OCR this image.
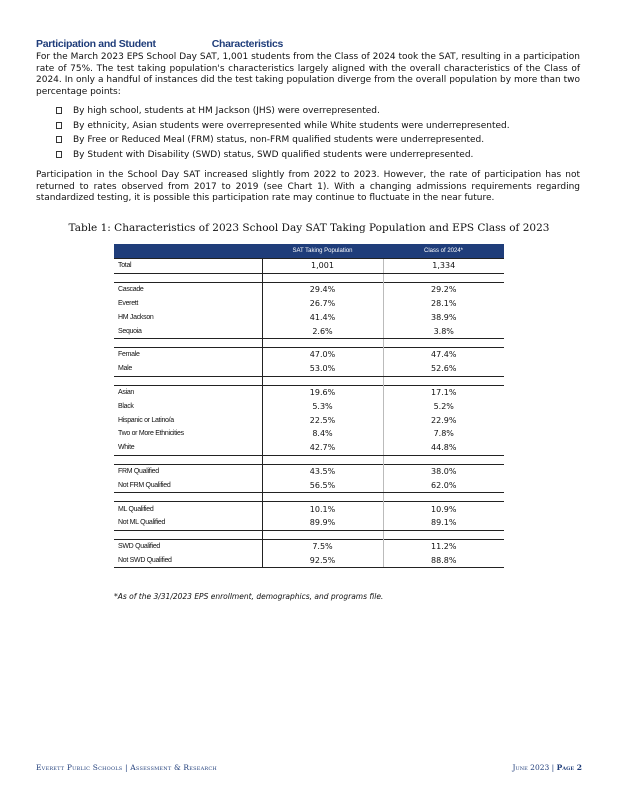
Participation and Student	Characteristics

For the March 2023 EPS School Day SAT, 1,001 students from the Class of 2024 took the SAT, resulting in a participation rate of 75%. The test taking population's characteristics largely aligned with the overall characteristics of the Class of 2024. In only a handful of instances did the test taking population diverge from the overall population by more than two percentage points:

By high school, students at HM Jackson (JHS) were overrepresented.
By ethnicity, Asian students were overrepresented while White students were underrepresented.
By Free or Reduced Meal (FRM) status, non-FRM qualified students were underrepresented.
By Student with Disability (SWD) status, SWD qualified students were underrepresented.

Participation in the School Day SAT increased slightly from 2022 to 2023. However, the rate of participation has not returned to rates observed from 2017 to 2019 (see Chart 1). With a changing admissions requirements regarding standardized testing, it is possible this participation rate may continue to fluctuate in the near future.

Table 1: Characteristics of 2023 School Day SAT Taking Population and EPS Class of 2023
	SAT Taking Population	Class of 2024*
Total	1,001	1,334

Cascade	29.4%	29.2%
Everett	26.7%	28.1%
HM Jackson	41.4%	38.9%
Sequoia	2.6%	3.8%

Female	47.0%	47.4%
Male	53.0%	52.6%

Asian	19.6%	17.1%
Black	5.3%	5.2%
Hispanic or Latino/a	22.5%	22.9%
Two or More Ethnicities	8.4%	7.8%
White	42.7%	44.8%

FRM Qualified	43.5%	38.0%
Not FRM Qualified	56.5%	62.0%

ML Qualified	10.1%	10.9%
Not ML Qualified	89.9%	89.1%

SWD Qualified	7.5%	11.2%
Not SWD Qualified	92.5%	88.8%
*As of the 3/31/2023 EPS enrollment, demographics, and programs file.
Everett Public Schools | Assessment & Research	June 2023 | Page 2
